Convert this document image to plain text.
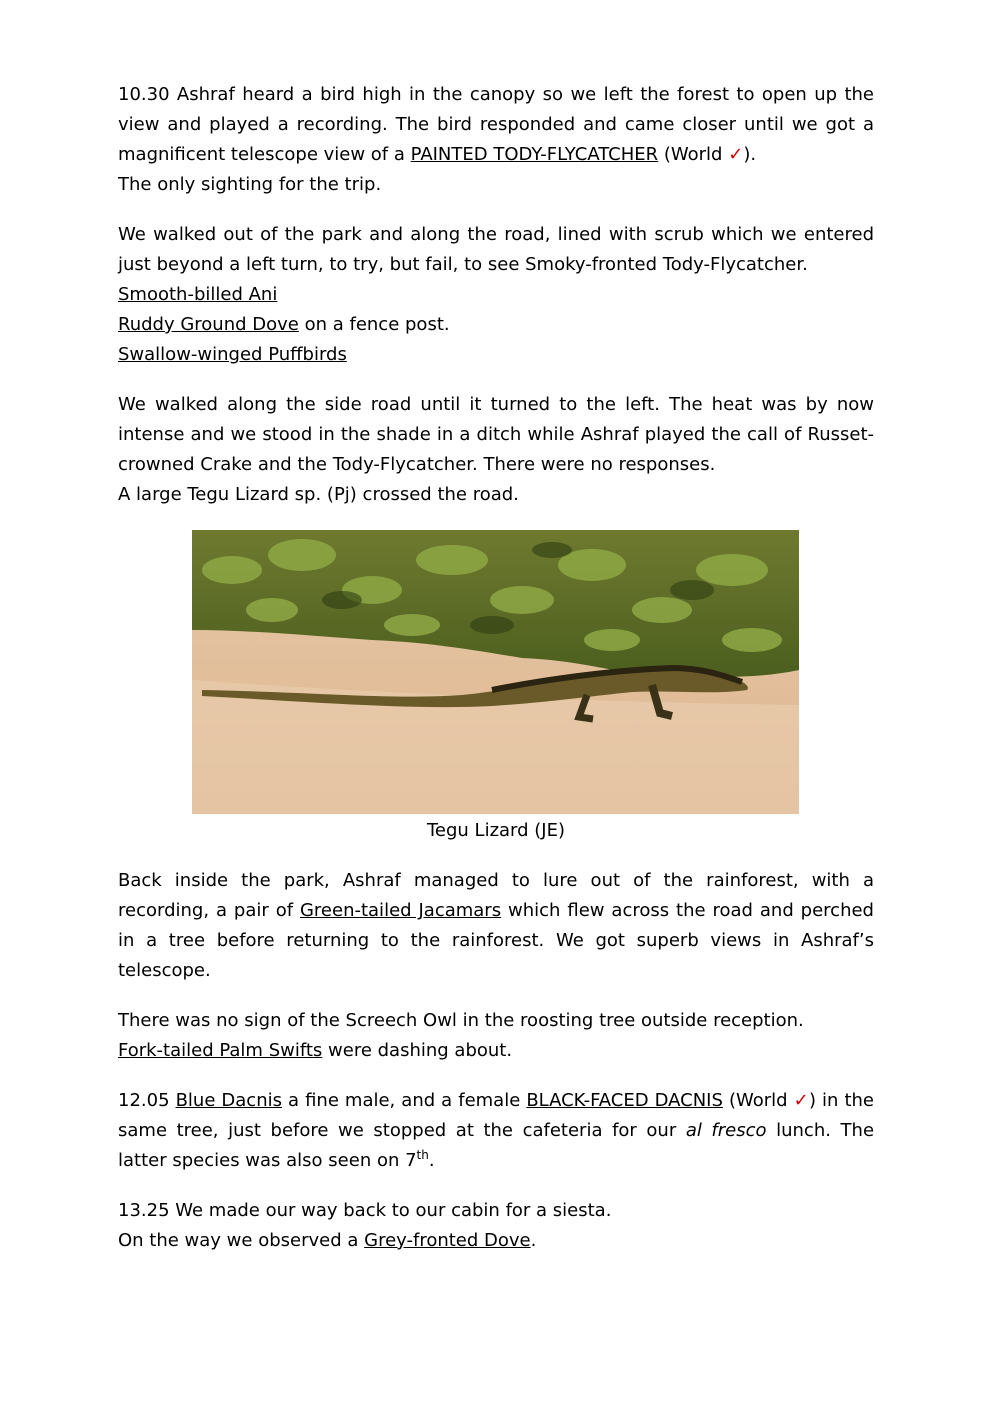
10.30 Ashraf heard a bird high in the canopy so we left the forest to open up the view and played a recording. The bird responded and came closer until we got a magnificent telescope view of a PAINTED TODY-FLYCATCHER (World ✓).
The only sighting for the trip.

We walked out of the park and along the road, lined with scrub which we entered just beyond a left turn, to try, but fail, to see Smoky-fronted Tody-Flycatcher.
Smooth-billed Ani
Ruddy Ground Dove on a fence post.
Swallow-winged Puffbirds

We walked along the side road until it turned to the left. The heat was by now intense and we stood in the shade in a ditch while Ashraf played the call of Russet-crowned Crake and the Tody-Flycatcher. There were no responses.
A large Tegu Lizard sp. (Pj) crossed the road.

Tegu Lizard (JE)

Back inside the park, Ashraf managed to lure out of the rainforest, with a recording, a pair of Green-tailed Jacamars which flew across the road and perched in a tree before returning to the rainforest. We got superb views in Ashraf’s telescope.

There was no sign of the Screech Owl in the roosting tree outside reception.
Fork-tailed Palm Swifts were dashing about.

12.05 Blue Dacnis a fine male, and a female BLACK-FACED DACNIS (World ✓) in the same tree, just before we stopped at the cafeteria for our al fresco lunch. The latter species was also seen on 7th.

13.25 We made our way back to our cabin for a siesta.
On the way we observed a Grey-fronted Dove.
